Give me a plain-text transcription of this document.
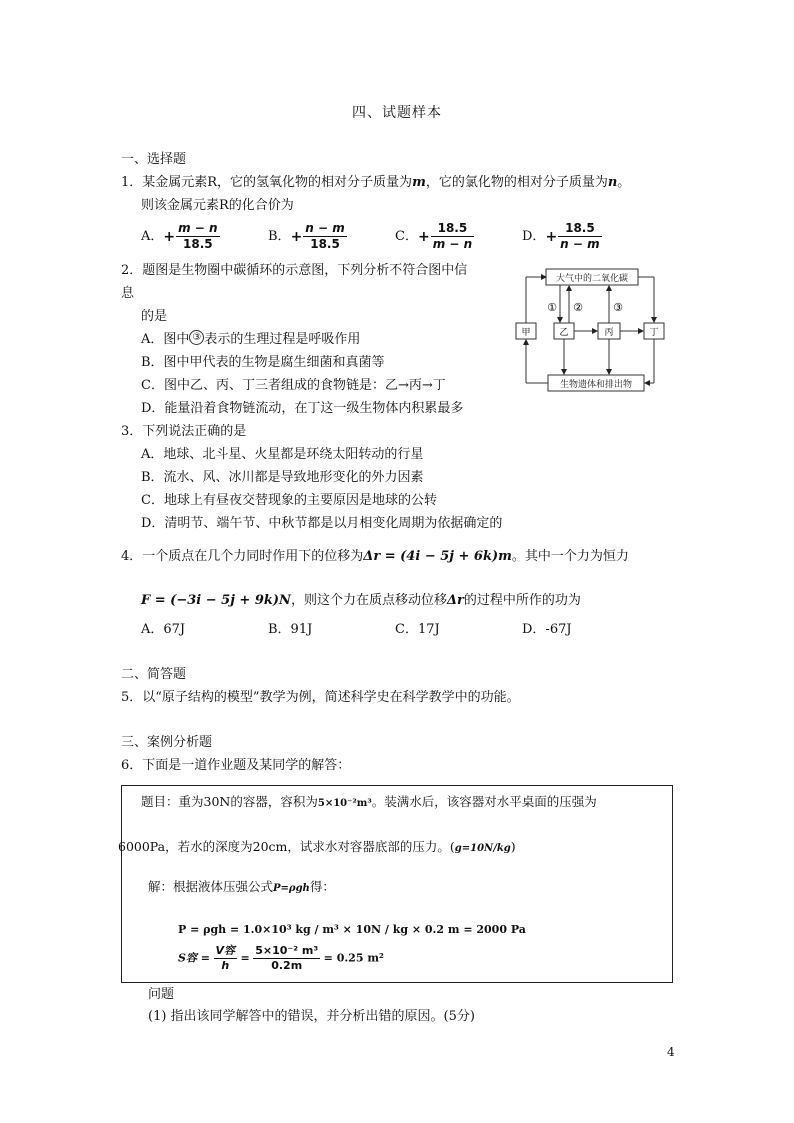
四、试题样本
一、选择题
1．某金属元素R，它的氢氧化物的相对分子质量为m，它的氯化物的相对分子质量为n。
则该金属元素R的化合价为
A．+ $\frac{m - n}{18.5}$	B．+ $\frac{n - m}{18.5}$	C．+ $\frac{18.5}{m - n}$	D．+ $\frac{18.5}{n - m}$
2．题图是生物圈中碳循环的示意图，下列分析不符合图中信
息
的是
A．图中 ③ 表示的生理过程是呼吸作用
B．图中甲代表的生物是腐生细菌和真菌等
C．图中乙、丙、丁三者组成的食物链是：乙→丙→丁
D．能量沿着食物链流动，在丁这一级生物体内积累最多
大气中的二氧化碳
生物遗体和排出物
甲	乙	丙	丁
① ②	③
3．下列说法正确的是
A．地球、北斗星、火星都是环绕太阳转动的行星
B．流水、风、冰川都是导致地形变化的外力因素
C．地球上有昼夜交替现象的主要原因是地球的公转
D．清明节、端午节、中秋节都是以月相变化周期为依据确定的
4．一个质点在几个力同时作用下的位移为Δr = (4i − 5j + 6k)m。其中一个力为恒力
F = (−3i − 5j + 9k)N，则这个力在质点移动位移Δr的过程中所作的功为
A．67J	B．91J	C．17J	D．-67J
二、简答题
5．以“原子结构的模型”教学为例，简述科学史在科学教学中的功能。
三、案例分析题
6．下面是一道作业题及某同学的解答：
题目：重为30N的容器，容积为5×10⁻²m³。装满水后，该容器对水平桌面的压强为
6000Pa，若水的深度为20cm，试求水对容器底部的压力。(g=10N/kg)
解：根据液体压强公式P=ρgh得：
P = ρgh = 1.0×10³ kg / m³ × 10N / kg × 0.2 m = 2000 Pa
S容 = $\frac{\text{V容}}{h} = \frac{\text{5×10⁻² m³}}{0.2m} = 0.25$ m²
问题
(1) 指出该同学解答中的错误，并分析出错的原因。(5分)
4
